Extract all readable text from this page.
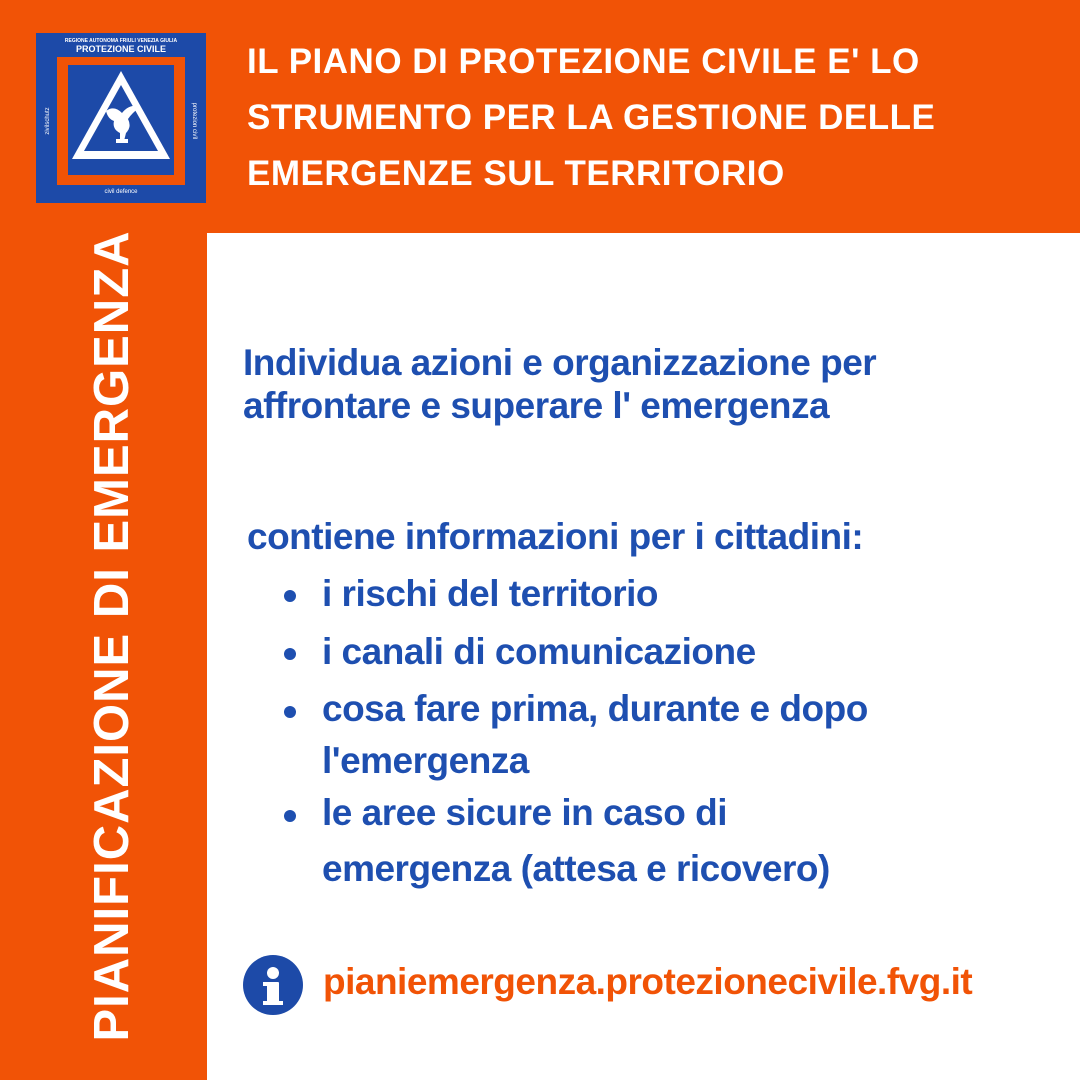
REGIONE AUTONOMA FRIULI VENEZIA GIULIA
PROTEZIONE CIVILE
zivilschutz	protezion civîl
civil defence
PIANIFICAZIONE DI EMERGENZA
IL PIANO DI PROTEZIONE CIVILE E' LO
STRUMENTO PER LA GESTIONE DELLE
EMERGENZE SUL TERRITORIO
Individua azioni e organizzazione per
affrontare e superare l' emergenza
contiene informazioni per i cittadini:
i rischi del territorio
i canali di comunicazione
cosa fare prima, durante e dopo
l'emergenza
le aree sicure in caso di
emergenza (attesa e ricovero)
pianiemergenza.protezionecivile.fvg.it
